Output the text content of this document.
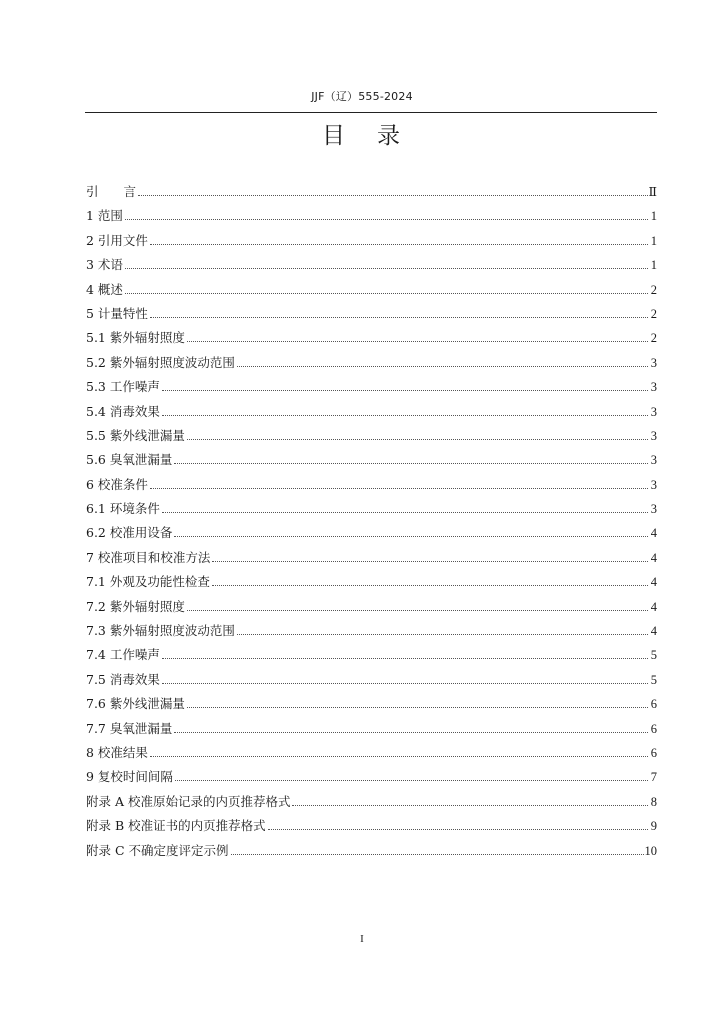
JJF（辽）555-2024
目 录
引　　言	Ⅱ
1 范围	1
2 引用文件	1
3 术语	1
4 概述	2
5 计量特性	2
5.1 紫外辐射照度	2
5.2 紫外辐射照度波动范围	3
5.3 工作噪声	3
5.4 消毒效果	3
5.5 紫外线泄漏量	3
5.6 臭氧泄漏量	3
6 校准条件	3
6.1 环境条件	3
6.2 校准用设备	4
7 校准项目和校准方法	4
7.1 外观及功能性检查	4
7.2 紫外辐射照度	4
7.3 紫外辐射照度波动范围	4
7.4 工作噪声	5
7.5 消毒效果	5
7.6 紫外线泄漏量	6
7.7 臭氧泄漏量	6
8 校准结果	6
9 复校时间间隔	7
附录 A 校准原始记录的内页推荐格式	8
附录 B 校准证书的内页推荐格式	9
附录 C 不确定度评定示例	10
I
